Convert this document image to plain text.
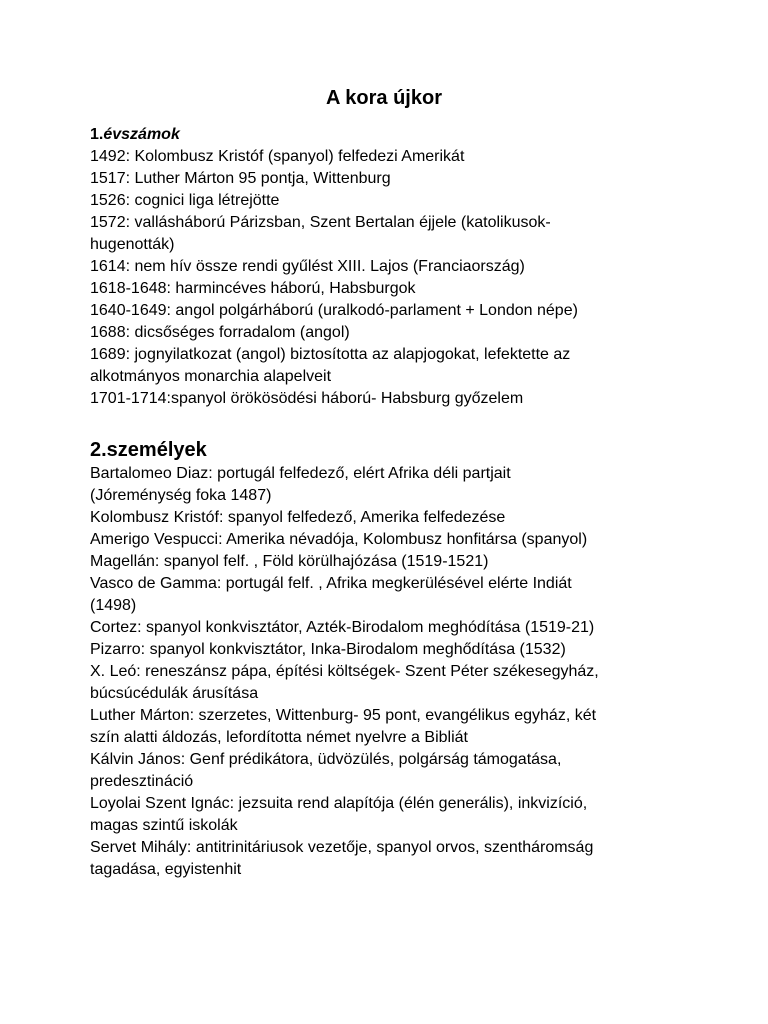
A kora újkor

1.évszámok

1492: Kolombusz Kristóf (spanyol) felfedezi Amerikát
1517: Luther Márton 95 pontja, Wittenburg
1526: cognici liga létrejötte
1572: vallásháború Párizsban, Szent Bertalan éjjele (katolikusok-
hugenották)
1614: nem hív össze rendi gyűlést XIII. Lajos (Franciaország)
1618-1648: harmincéves háború, Habsburgok
1640-1649: angol polgárháború (uralkodó-parlament + London népe)
1688: dicsőséges forradalom (angol)
1689: jognyilatkozat (angol) biztosította az alapjogokat, lefektette az
alkotmányos monarchia alapelveit
1701-1714:spanyol örökösödési háború- Habsburg győzelem

2.személyek

Bartalomeo Diaz: portugál felfedező, elért Afrika déli partjait
(Jóreménység foka 1487)
Kolombusz Kristóf: spanyol felfedező, Amerika felfedezése
Amerigo Vespucci: Amerika névadója, Kolombusz honfitársa (spanyol)
Magellán: spanyol felf. , Föld körülhajózása (1519-1521)
Vasco de Gamma: portugál felf. , Afrika megkerülésével elérte Indiát
(1498)
Cortez: spanyol konkvisztátor, Azték-Birodalom meghódítása (1519-21)
Pizarro: spanyol konkvisztátor, Inka-Birodalom meghődítása (1532)
X. Leó: reneszánsz pápa, építési költségek- Szent Péter székesegyház,
búcsúcédulák árusítása
Luther Márton: szerzetes, Wittenburg- 95 pont, evangélikus egyház, két
szín alatti áldozás, lefordította német nyelvre a Bibliát
Kálvin János: Genf prédikátora, üdvözülés, polgárság támogatása,
predesztináció
Loyolai Szent Ignác: jezsuita rend alapítója (élén generális), inkvizíció,
magas szintű iskolák
Servet Mihály: antitrinitáriusok vezetője, spanyol orvos, szentháromság
tagadása, egyistenhit
